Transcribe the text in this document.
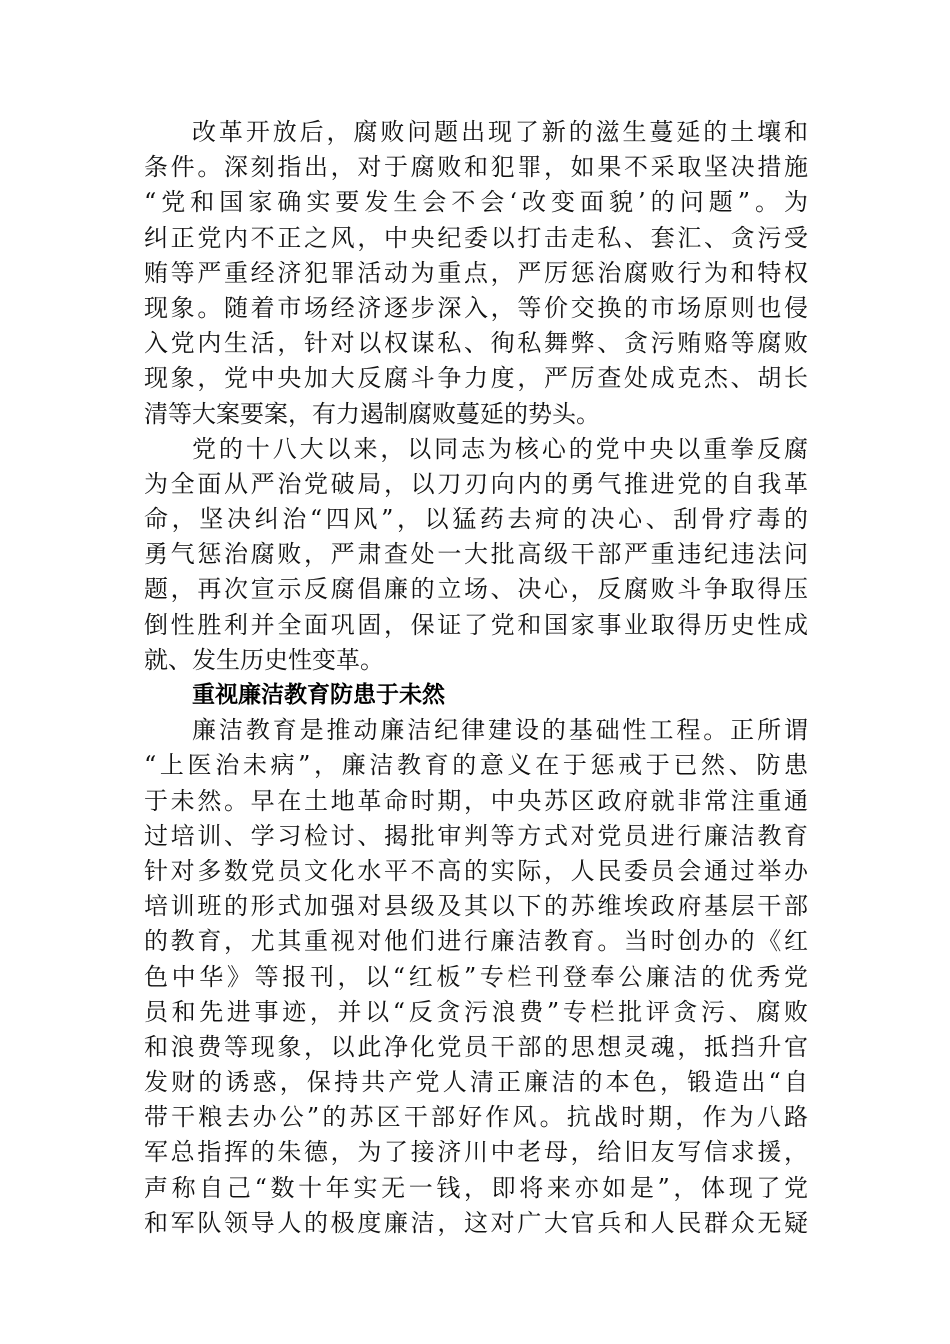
改革开放后，腐败问题出现了新的滋生蔓延的土壤和
条件。深刻指出，对于腐败和犯罪，如果不采取坚决措施
“党和国家确实要发生会不会‘改变面貌’的问题”。为
纠正党内不正之风，中央纪委以打击走私、套汇、贪污受
贿等严重经济犯罪活动为重点，严厉惩治腐败行为和特权
现象。随着市场经济逐步深入，等价交换的市场原则也侵
入党内生活，针对以权谋私、徇私舞弊、贪污贿赂等腐败
现象，党中央加大反腐斗争力度，严厉查处成克杰、胡长
清等大案要案，有力遏制腐败蔓延的势头。
党的十八大以来，以同志为核心的党中央以重拳反腐
为全面从严治党破局，以刀刃向内的勇气推进党的自我革
命，坚决纠治“四风”，以猛药去疴的决心、刮骨疗毒的
勇气惩治腐败，严肃查处一大批高级干部严重违纪违法问
题，再次宣示反腐倡廉的立场、决心，反腐败斗争取得压
倒性胜利并全面巩固，保证了党和国家事业取得历史性成
就、发生历史性变革。
重视廉洁教育防患于未然
廉洁教育是推动廉洁纪律建设的基础性工程。正所谓
“上医治未病”，廉洁教育的意义在于惩戒于已然、防患
于未然。早在土地革命时期，中央苏区政府就非常注重通
过培训、学习检讨、揭批审判等方式对党员进行廉洁教育
针对多数党员文化水平不高的实际，人民委员会通过举办
培训班的形式加强对县级及其以下的苏维埃政府基层干部
的教育，尤其重视对他们进行廉洁教育。当时创办的《红
色中华》等报刊，以“红板”专栏刊登奉公廉洁的优秀党
员和先进事迹，并以“反贪污浪费”专栏批评贪污、腐败
和浪费等现象，以此净化党员干部的思想灵魂，抵挡升官
发财的诱惑，保持共产党人清正廉洁的本色，锻造出“自
带干粮去办公”的苏区干部好作风。抗战时期，作为八路
军总指挥的朱德，为了接济川中老母，给旧友写信求援，
声称自己“数十年实无一钱，即将来亦如是”，体现了党
和军队领导人的极度廉洁，这对广大官兵和人民群众无疑
